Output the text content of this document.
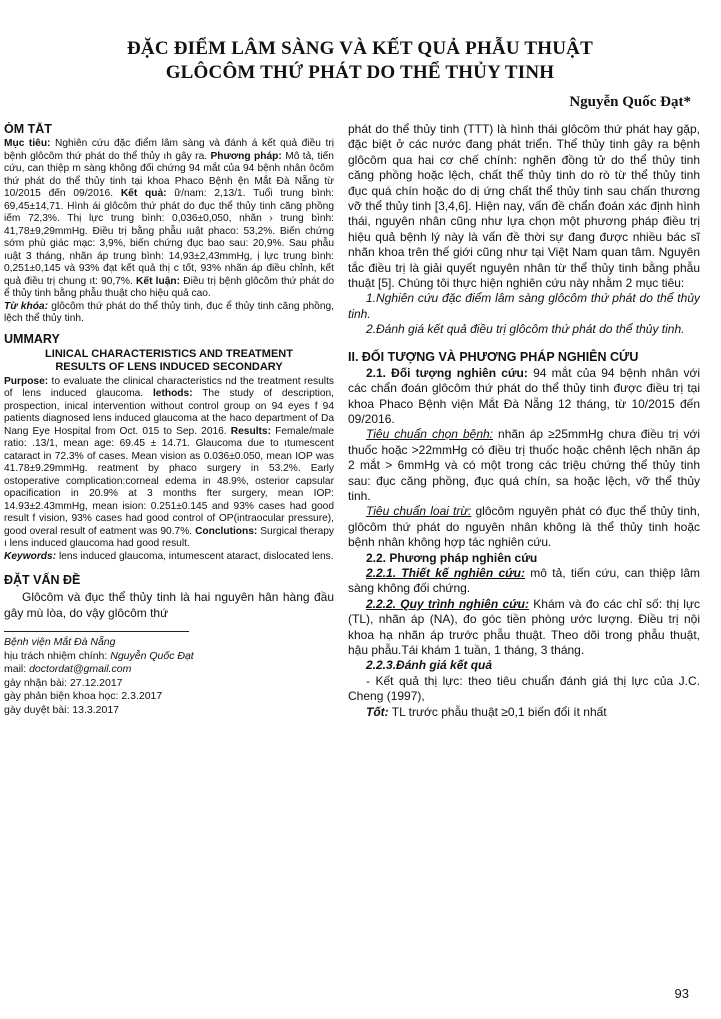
ĐẶC ĐIỂM LÂM SÀNG VÀ KẾT QUẢ PHẪU THUẬT
GLÔCÔM THỨ PHÁT DO THỂ THỦY TINH

Nguyễn Quốc Đạt*

ÓM TẮT

Mục tiêu: Nghiên cứu đặc điểm lâm sàng và đánh á kết quả điều trị bệnh glôcôm thứ phát do thể thủy ıh gây ra. Phương pháp: Mô tả, tiến cứu, can thiệp m sàng không đối chứng 94 mắt của 94 bệnh nhân ôcôm thứ phát do thể thủy tinh tại khoa Phaco Bệnh ện Mắt Đà Nẵng từ 10/2015 đến 09/2016. Kết quả: ữ/nam: 2,13/1. Tuổi trung bình: 69,45±14,71. Hình ái glôcôm thứ phát do đục thể thủy tinh căng phồng iếm 72,3%. Thị lực trung bình: 0,036±0,050, nhãn › trung bình: 41,78±9,29mmHg. Điều trị bằng phẫu ıuật phaco: 53,2%. Biến chứng sớm phù giác mạc: 3,9%, biến chứng đục bao sau: 20,9%. Sau phẫu ıuật 3 tháng, nhãn áp trung bình: 14,93±2,43mmHg, ị lực trung bình: 0,251±0,145 và 93% đạt kết quả thị c tốt, 93% nhãn áp điều chỉnh, kết quả điều trị chung ıt: 90,7%. Kết luận: Điều trị bệnh glôcôm thứ phát do ể thủy tinh bằng phẫu thuật cho hiệu quả cao.

Từ khóa: glôcôm thứ phát do thể thủy tinh, đục ể thủy tinh căng phồng, lệch thể thủy tinh.

UMMARY

LINICAL CHARACTERISTICS AND TREATMENT
RESULTS OF LENS INDUCED SECONDARY

Purpose: to evaluate the clinical characteristics nd the treatment results of lens induced glaucoma. lethods: The study of description, prospection, inical intervention without control group on 94 eyes f 94 patients diagnosed lens induced glaucoma at the haco department of Da Nang Eye Hospital from Oct. 015 to Sep. 2016. Results: Female/male ratio: .13/1, mean age: 69.45 ± 14.71. Glaucoma due to ıtumescent cataract in 72.3% of cases. Mean vision as 0.036±0.050, mean IOP was 41.78±9.29mmHg. reatment by phaco surgery in 53.2%. Early ostoperative complication:corneal edema in 48.9%, osterior capsular opacification in 20.9% at 3 months fter surgery, mean IOP: 14.93±2.43mmHg, mean ision: 0.251±0.145 and 93% cases had good result f vision, 93% cases had good control of OP(intraocular pressure), good overal result of eatment was 90.7%. Conclutions: Surgical therapy ı lens induced glaucoma had good result.

Keywords: lens induced glaucoma, intumescent ataract, dislocated lens.

ĐẶT VẤN ĐỀ

Glôcôm và đục thể thủy tinh là hai nguyên hân hàng đầu gây mù lòa, do vậy glôcôm thứ

Bệnh viện Mắt Đà Nẵng
hịu trách nhiệm chính: Nguyễn Quốc Đạt
mail: doctordat@gmail.com
gày nhận bài: 27.12.2017
gày phản biện khoa học: 2.3.2017
gày duyệt bài: 13.3.2017

phát do thể thủy tinh (TTT) là hình thái glôcôm thứ phát hay gặp, đặc biệt ở các nước đang phát triển. Thể thủy tinh gây ra bệnh glôcôm qua hai cơ chế chính: nghẽn đồng tử do thể thủy tinh căng phồng hoặc lệch, chất thể thủy tinh do rò từ thể thủy tinh đục quá chín hoặc do dị ứng chất thể thủy tinh sau chấn thương vỡ thể thủy tinh [3,4,6]. Hiện nay, vấn đề chẩn đoán xác định hình thái, nguyên nhân cũng như lựa chọn một phương pháp điều trị hiệu quả bệnh lý này là vấn đề thời sự đang được nhiều bác sĩ nhãn khoa trên thế giới cũng như tại Việt Nam quan tâm. Nguyên tắc điều trị là giải quyết nguyên nhân từ thể thủy tinh bằng phẫu thuật [5]. Chúng tôi thực hiện nghiên cứu này nhằm 2 mục tiêu:

1.Nghiên cứu đặc điểm lâm sàng glôcôm thứ phát do thể thủy tinh.

2.Đánh giá kết quả điều trị glôcôm thứ phát do thể thủy tinh.

II. ĐỐI TƯỢNG VÀ PHƯƠNG PHÁP NGHIÊN CỨU

2.1. Đối tượng nghiên cứu: 94 mắt của 94 bệnh nhân với các chẩn đoán glôcôm thứ phát do thể thủy tinh được điều trị tại khoa Phaco Bệnh viện Mắt Đà Nẵng 12 tháng, từ 10/2015 đến 09/2016.

Tiêu chuẩn chọn bệnh: nhãn áp ≥25mmHg chưa điều trị với thuốc hoặc >22mmHg có điều trị thuốc hoặc chênh lệch nhãn áp 2 mắt > 6mmHg và có một trong các triệu chứng thể thủy tinh sau: đục căng phồng, đục quá chín, sa hoặc lệch, vỡ thể thủy tinh.

Tiêu chuẩn loại trừ: glôcôm nguyên phát có đục thể thủy tinh, glôcôm thứ phát do nguyên nhân không là thể thủy tinh hoặc bệnh nhân không hợp tác nghiên cứu.

2.2. Phương pháp nghiên cứu

2.2.1. Thiết kế nghiên cứu: mô tả, tiến cứu, can thiệp lâm sàng không đối chứng.

2.2.2. Quy trình nghiên cứu: Khám và đo các chỉ số: thị lực (TL), nhãn áp (NA), đo góc tiền phòng ước lượng. Điều trị nội khoa hạ nhãn áp trước phẫu thuật. Theo dõi trong phẫu thuật, hậu phẫu.Tái khám 1 tuần, 1 tháng, 3 tháng.

2.2.3.Đánh giá kết quả

- Kết quả thị lực: theo tiêu chuẩn đánh giá thị lực của J.C. Cheng (1997),

Tốt: TL trước phẫu thuật ≥0,1 biến đổi ít nhất

93
